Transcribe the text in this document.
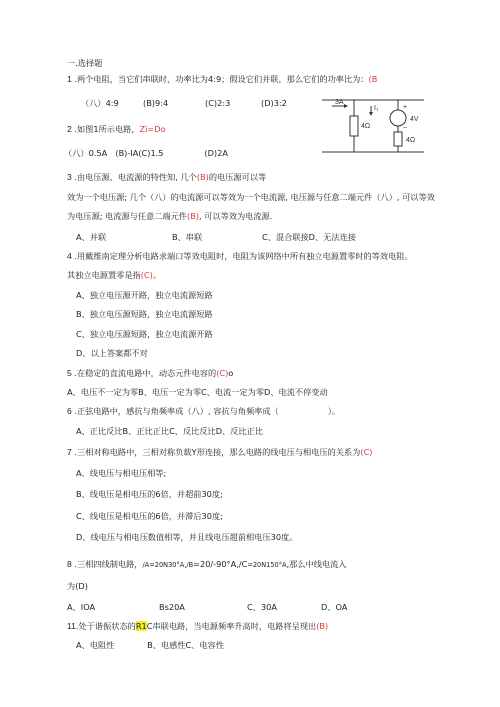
一.选择题
1 .两个电阻，当它们串联时，功率比为4:9；假设它们并联，那么它们的功率比为：(B
（八）4:9	(B)9:4	(C)2:3	(D)3:2
2 .如图1所示电路，Zi=Do
（八）0.5A　(B)-IA(C)1.5　　　　　(D)2A
3 .由电压源、电流源的特性知, 几个(B)的电压源可以等
效为一个电压源; 几个（八）的电流源可以等效为一个电流源, 电压源与任意二端元件（八）, 可以等效
为电压源; 电流源与任意二端元件(B), 可以等效为电流源.
A、并联	B、串联	C、混合联接D、无法连接
4 .用戴维南定理分析电路求端口等效电阻时，电阻为该网络中所有独立电源置零时的等效电阻。
其独立电源置零是指(C)。
A、独立电压源开路，独立电流源短路
B、独立电压源短路，独立电流源短路
C、独立电压源短路，独立电流源开路
D、以上答案都不对
5 .在稳定的直流电路中，动态元件电容的(C)o
A、电压不一定为零B、电压一定为零C、电流一定为零D、电流不停变动
6 .正弦电路中，感抗与角频率成（八）, 容抗与角频率成（　　　　　　）。
A、正比反比B、正比正比C、反比反比D、反比正比
7 .三相对称电路中，三相对称负载Y形连接，那么电路的线电压与相电压的关系为(C)
A、线电压与相电压相等;
B、线电压是相电压的6倍，并超前30度;
C、线电压是相电压的6倍，并滞后30度;
D、线电压与相电压数值相等，并且线电压超前相电压30度。
8 .三相四线制电路，/A=20N30°A,/B=20/-90°A,/C=20N150°A,那么中线电流入
为(D)
A、IOA	Bs20A	C、30A	D、OA
11.处于谐振状态的R1C串联电路，当电源频率升高时，电路将呈现出(B)
A、电阻性　　　　B、电感性C、电容性
3A
4Ω
I₁
4V
+
−
4Ω
